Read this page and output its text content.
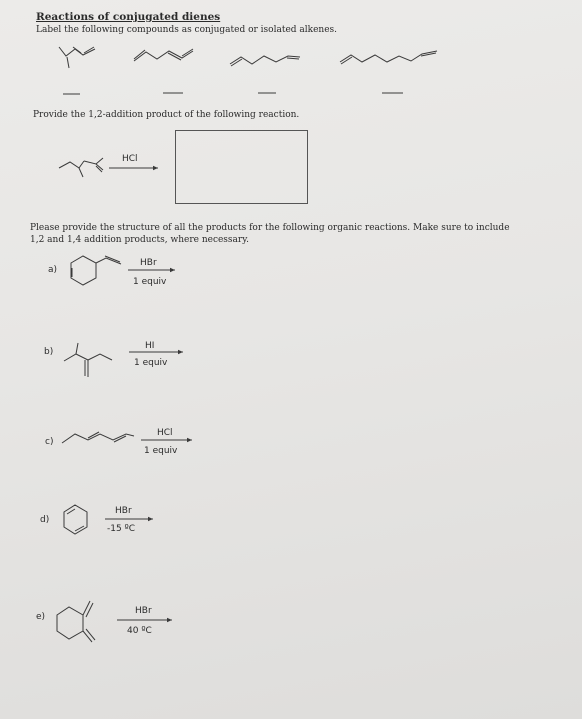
Reactions of conjugated dienes
Label the following compounds as conjugated or isolated alkenes.
Provide the 1,2-addition product of the following reaction.
HCl
Please provide the structure of all the products for the following organic reactions. Make sure to include
1,2 and 1,4 addition products, where necessary.
a)
HBr
1 equiv
b)
HI
1 equiv
c)
HCl
1 equiv
d)
HBr
-15 ºC
e)
HBr
40 ºC
